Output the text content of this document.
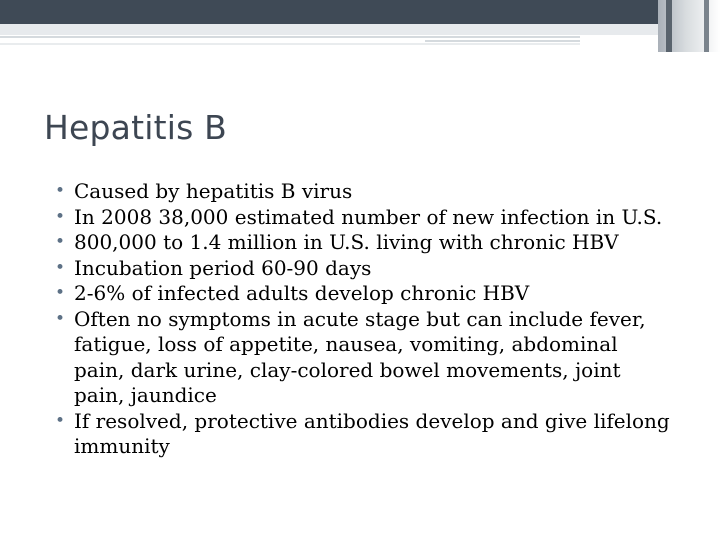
Hepatitis B
• Caused by hepatitis B virus
• In 2008 38,000 estimated number of new infection in U.S.
• 800,000 to 1.4 million in U.S. living with chronic HBV
• Incubation period 60-90 days
• 2-6% of infected adults develop chronic HBV
• Often no symptoms in acute stage but can include fever, fatigue, loss of appetite, nausea, vomiting, abdominal pain, dark urine, clay-colored bowel movements, joint pain, jaundice
• If resolved, protective antibodies develop and give lifelong immunity
